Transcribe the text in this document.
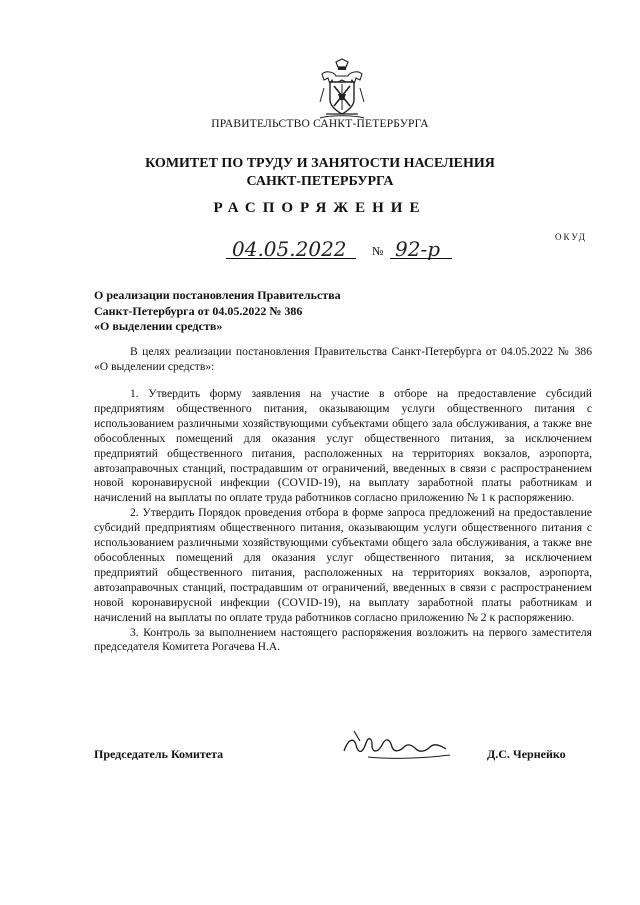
ПРАВИТЕЛЬСТВО САНКТ-ПЕТЕРБУРГА
КОМИТЕТ ПО ТРУДУ И ЗАНЯТОСТИ НАСЕЛЕНИЯ
САНКТ-ПЕТЕРБУРГА
РАСПОРЯЖЕНИЕ
ОКУД
04.05.2022 № 92-р
О реализации постановления Правительства
Санкт-Петербурга от 04.05.2022 № 386
«О выделении средств»

В целях реализации постановления Правительства Санкт-Петербурга от 04.05.2022 № 386 «О выделении средств»:

1. Утвердить форму заявления на участие в отборе на предоставление субсидий предприятиям общественного питания, оказывающим услуги общественного питания с использованием различными хозяйствующими субъектами общего зала обслуживания, а также вне обособленных помещений для оказания услуг общественного питания, за исключением предприятий общественного питания, расположенных на территориях вокзалов, аэропорта, автозаправочных станций, пострадавшим от ограничений, введенных в связи с распространением новой коронавирусной инфекции (COVID-19), на выплату заработной платы работникам и начислений на выплаты по оплате труда работников согласно приложению № 1 к распоряжению.

2. Утвердить Порядок проведения отбора в форме запроса предложений на предоставление субсидий предприятиям общественного питания, оказывающим услуги общественного питания с использованием различными хозяйствующими субъектами общего зала обслуживания, а также вне обособленных помещений для оказания услуг общественного питания, за исключением предприятий общественного питания, расположенных на территориях вокзалов, аэропорта, автозаправочных станций, пострадавшим от ограничений, введенных в связи с распространением новой коронавирусной инфекции (COVID-19), на выплату заработной платы работникам и начислений на выплаты по оплате труда работников согласно приложению № 2 к распоряжению.

3. Контроль за выполнением настоящего распоряжения возложить на первого заместителя председателя Комитета Рогачева Н.А.

Председатель Комитета	Д.С. Чернейко
